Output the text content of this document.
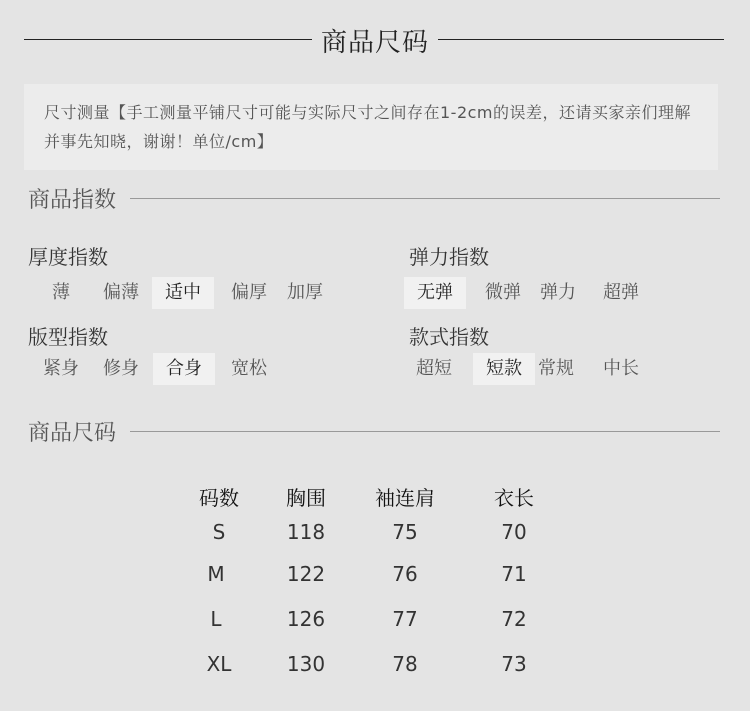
商品尺码
尺寸测量【手工测量平铺尺寸可能与实际尺寸之间存在1-2cm的误差，还请买家亲们理解并事先知晓，谢谢！单位/cm】
商品指数
厚度指数
薄 偏薄	适中	偏厚 加厚
弹力指数
无弹	微弹 弹力 超弹
版型指数
紧身 修身	合身	宽松
款式指数
超短	短款 常规 中长
商品尺码
码数 胸围 袖连肩	衣长
S	118	75	70
M	122	76	71
L	126	77	72
XL	130	78	73
